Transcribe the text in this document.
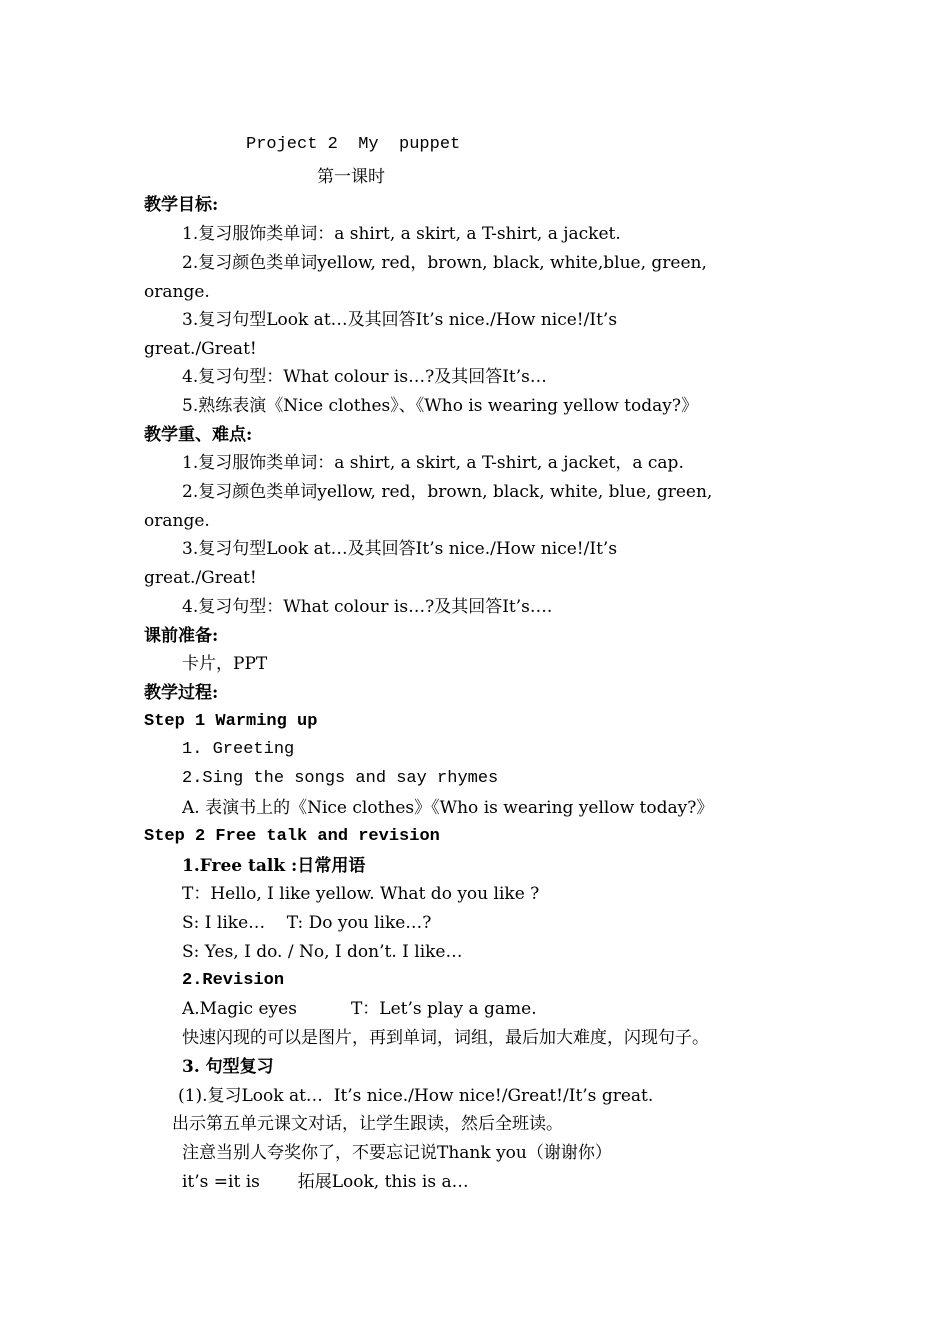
Project 2  My  puppet
第一课时
教学目标:
1.复习服饰类单词：a shirt, a skirt, a T-shirt, a jacket.
2.复习颜色类单词yellow, red，brown, black, white,blue, green,
orange.
3.复习句型Look at…及其回答It’s nice./How nice!/It’s
great./Great!
4.复习句型：What colour is…?及其回答It’s…
5.熟练表演《Nice clothes》、《Who is wearing yellow today?》
教学重、难点:
1.复习服饰类单词：a shirt, a skirt, a T-shirt, a jacket，a cap.
2.复习颜色类单词yellow, red，brown, black, white, blue, green,
orange.
3.复习句型Look at…及其回答It’s nice./How nice!/It’s
great./Great!
4.复习句型：What colour is…?及其回答It’s….
课前准备:
卡片，PPT
教学过程:
Step 1 Warming up
1. Greeting
2.Sing the songs and say rhymes
A. 表演书上的《Nice clothes》《Who is wearing yellow today?》
Step 2 Free talk and revision
1.Free talk :日常用语
T：Hello, I like yellow. What do you like ?
S: I like…    T: Do you like…?
S: Yes, I do. / No, I don’t. I like…
2.Revision
A.Magic eyes          T：Let’s play a game.
快速闪现的可以是图片，再到单词，词组，最后加大难度，闪现句子。
3. 句型复习
(1).复习Look at…  It’s nice./How nice!/Great!/It’s great.
出示第五单元课文对话，让学生跟读，然后全班读。
注意当别人夸奖你了，不要忘记说Thank you（谢谢你）
it’s =it is       拓展Look, this is a…
